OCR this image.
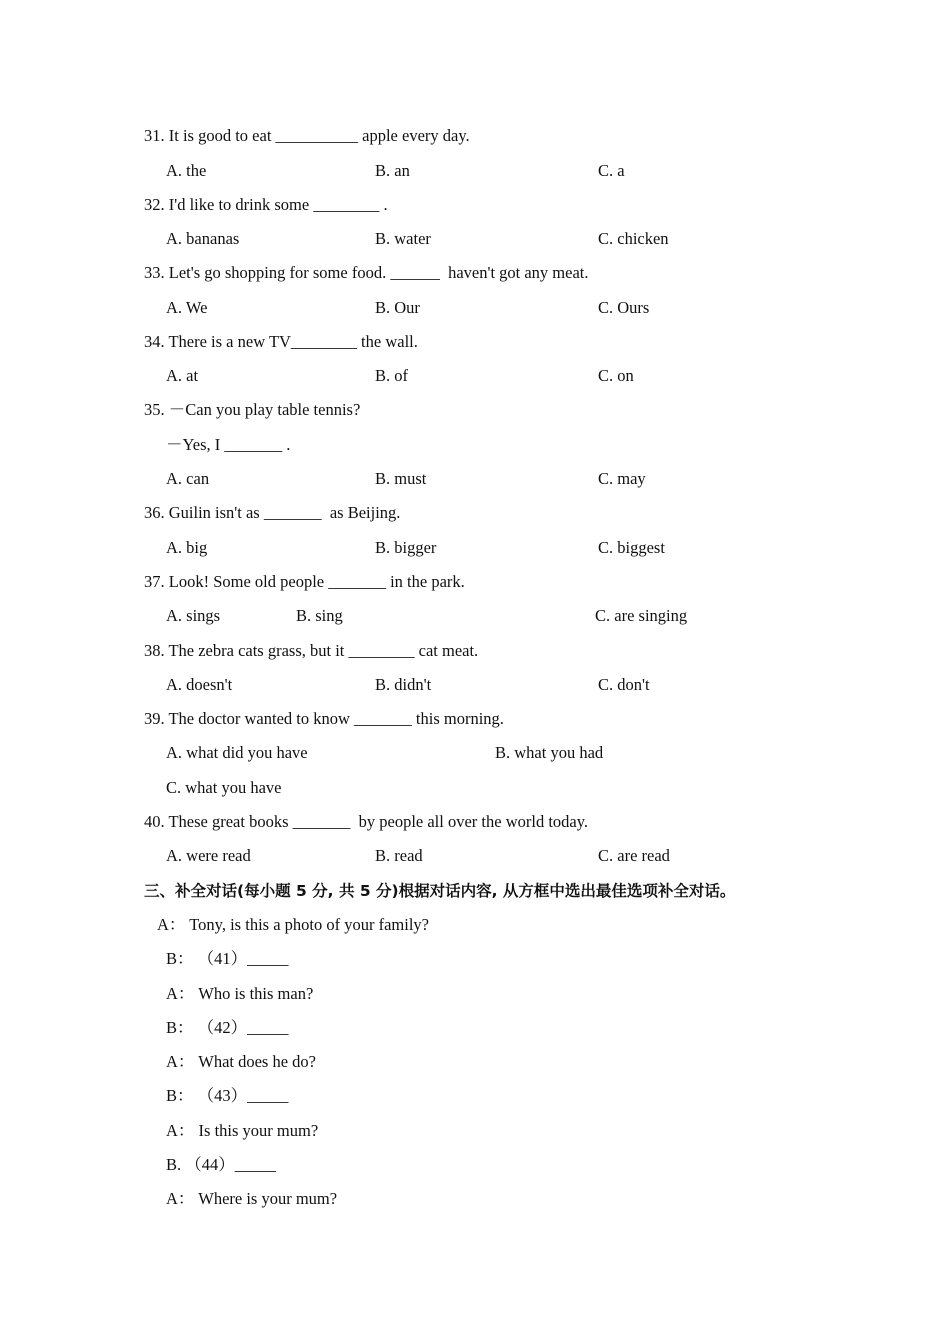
31. It is good to eat __________ apple every day.
A. the	B. an	C. a
32. I'd like to drink some ________ .
A. bananas	B. water	C. chicken
33. Let's go shopping for some food. ______  haven't got any meat.
A. We	B. Our	C. Ours
34. There is a new TV________ the wall.
A. at	B. of	C. on
35. －Can you play table tennis?
－Yes, I _______ .
A. can	B. must	C. may
36. Guilin isn't as _______  as Beijing.
A. big	B. bigger	C. biggest
37. Look! Some old people _______ in the park.
A. sings	B. sing	C. are singing
38. The zebra cats grass, but it ________ cat meat.
A. doesn't	B. didn't	C. don't
39. The doctor wanted to know _______ this morning.
A. what did you have	B. what you had
C. what you have
40. These great books _______  by people all over the world today.
A. were read	B. read	C. are read
三、补全对话(每小题 5 分, 共 5 分)根据对话内容, 从方框中选出最佳选项补全对话。
A： Tony, is this a photo of your family?
B： （41）_____
A： Who is this man?
B： （42）_____
A： What does he do?
B： （43）_____
A： Is this your mum?
B. （44）_____
A： Where is your mum?
